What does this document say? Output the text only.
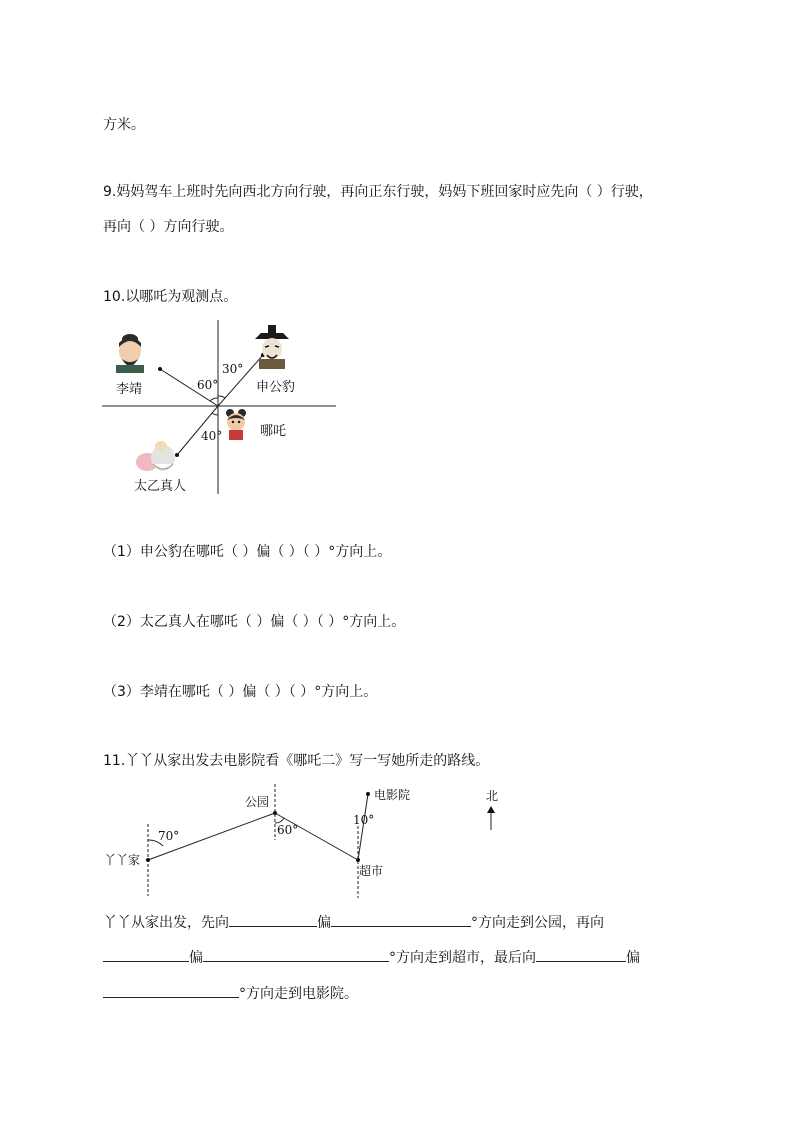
方米。
9.妈妈驾车上班时先向西北方向行驶，再向正东行驶，妈妈下班回家时应先向（ ）行驶，
再向（ ）方向行驶。
10.以哪吒为观测点。
60°
30°
40°
李靖	申公豹
哪吒
太乙真人
（1）申公豹在哪吒（ ）偏（ ）（ ）°方向上。
（2）太乙真人在哪吒（ ）偏（ ）（ ）°方向上。
（3）李靖在哪吒（ ）偏（ ）（ ）°方向上。
11.丫丫从家出发去电影院看《哪吒二》写一写她所走的路线。
70°	60°
10°
丫丫家
公园	电影院
超市
北
丫丫从家出发，先向	偏	°方向走到公园，再向
偏	°方向走到超市，最后向	偏
°方向走到电影院。
